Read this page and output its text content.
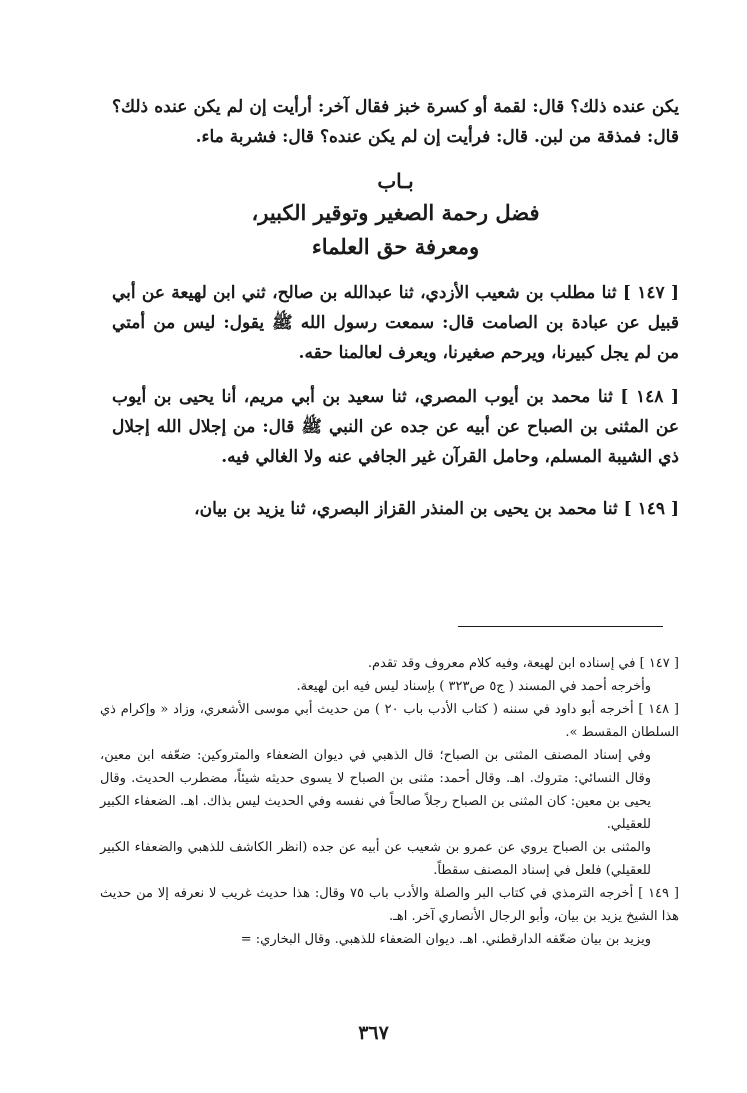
يكن عنده ذلك؟ قال: لقمة أو كسرة خبز فقال آخر: أرأيت إن لم يكن عنده ذلك؟ قال: فمذقة من لبن. قال: فرأيت إن لم يكن عنده؟ قال: فشربة ماء.

بـاب
فضل رحمة الصغير وتوقير الكبير،
ومعرفة حق العلماء

[ ١٤٧ ] ثنا مطلب بن شعيب الأزدي، ثنا عبدالله بن صالح، ثني ابن لهيعة عن أبي قبيل عن عبادة بن الصامت قال: سمعت رسول الله ﷺ يقول: ليس من أمتي من لم يجل كبيرنا، ويرحم صغيرنا، ويعرف لعالمنا حقه.

[ ١٤٨ ] ثنا محمد بن أيوب المصري، ثنا سعيد بن أبي مريم، أنا يحيى بن أيوب عن المثنى بن الصباح عن أبيه عن جده عن النبي ﷺ قال: من إجلال الله إجلال ذي الشيبة المسلم، وحامل القرآن غير الجافي عنه ولا الغالي فيه.

[ ١٤٩ ] ثنا محمد بن يحيى بن المنذر القزاز البصري، ثنا يزيد بن بيان،

[ ١٤٧ ] في إسناده ابن لهيعة، وفيه كلام معروف وقد تقدم.

وأخرجه أحمد في المسند ( ج٥ ص٣٢٣ ) بإسناد ليس فيه ابن لهيعة.

[ ١٤٨ ] أخرجه أبو داود في سننه ( كتاب الأدب باب ٢٠ ) من حديث أبي موسى الأشعري، وزاد « وإكرام ذي السلطان المقسط ».

وفي إسناد المصنف المثنى بن الصباح؛ قال الذهبي في ديوان الضعفاء والمتروكين: ضعّفه ابن معين، وقال النسائي: متروك. اهـ. وقال أحمد: مثنى بن الصباح لا يسوى حديثه شيئاً، مضطرب الحديث. وقال يحيى بن معين: كان المثنى بن الصباح رجلاً صالحاً في نفسه وفي الحديث ليس بذاك. اهـ. الضعفاء الكبير للعقيلي.

والمثنى بن الصباح يروي عن عمرو بن شعيب عن أبيه عن جده (انظر الكاشف للذهبي والضعفاء الكبير للعقيلي) فلعل في إسناد المصنف سقطاً.

[ ١٤٩ ] أخرجه الترمذي في كتاب البر والصلة والأدب باب ٧٥ وقال: هذا حديث غريب لا نعرفه إلا من حديث هذا الشيخ يزيد بن بيان، وأبو الرجال الأنصاري آخر. اهـ.

ويزيد بن بيان ضعّفه الدارقطني. اهـ. ديوان الضعفاء للذهبي. وقال البخاري: =

٣٦٧
